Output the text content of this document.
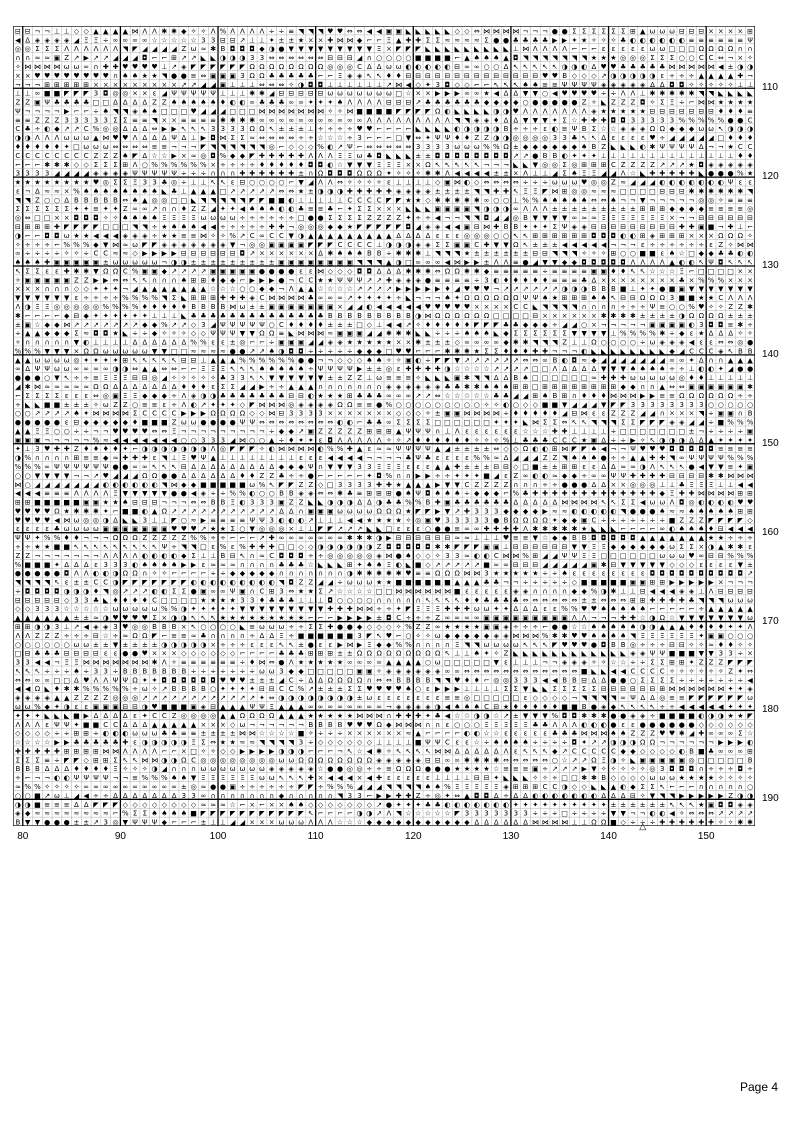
⊟ ⊟ ¬ ¬ ⊥ ⊥ ◇ ◇ ▲ ▲ ▲ ▲ ⋈ Λ Λ ✱ ✱ ◆ ✧ ✧ Λ % Λ Λ Λ Λ ÷ ÷ ≡ ◥ ◥ ◥ ♥ ♥ ⇔ ⇔ ◀ ◀ ▣ ▣ ◣ ◣ ◣ ◣ ◣ ◇ ◇ ⇔ ⋈ ⋈ ⋈ ⋈ ¬ ¬ ¬ ● ● Σ Σ Σ Σ Σ Σ ⊞ ▲ ω ω ω ⊟ ⊟ ⊟ × × × × ⊞
◀ Δ ◈ ◈ ◈ ◈ ◢ Ξ Ξ ÷ ∞ ∞ ∞ ∞ ☆ ☆ ☆ ☆ ☆ 3 3 ⊟ ⊟ ↗ ⊥ ⊥ ✦ ± ± ★ × × ✚ ⋈ ⋈ ◆ ⌐ ⌐ Ξ ▲ ✚ ✚ Σ Σ ≈ ≈ ≈ ≈ Σ ● ● ♣ ♣ ♣ ♣ ▶ ▶ ✦ ★ ✧ ✧ ✧ ♣ ◐ ◐ ◐ ◐ ◐ ◐ ≡ ≡ ≡ ≡ ≡ ≡ Ψ
◎ ◎ Σ Σ Σ Λ Λ Λ Λ Λ Λ ◥ ◤ ◢ ◢ ◢ ◢ Z ω ≈ ✱ B ◘ ◘ ◘ ◆ ◑ ● ▼ ▼ ▼ ▼ ▼ ▼ ▼ ▼ ▼ Ξ × ◤ ◤ ◤ ◣ ◣ ◣ ◣ ◣ ◣ ◣ ◣ ◣ ⊥ ⋈ Λ Λ Λ Λ ⌐ ⌐ ⌐ ε ε ε ε ε ω ω □ □ □ Ω Ω Ω Ω ∩ ∩
∩ ∩ ≈ ≈ ▣ Z ↗ ▶ ↗ ↗ ◢ ◢ ◢ ◘ ⌐ ⌐ ⊞ ↗ ↗ ◣ ◣ ◑ ◑ ◑ 3 3 ⇔ ⇔ ⇔ ⇔ ⇔ ⇔ ⊟ ⊟ ⊟ ◢ ∩ ○ ○ ○ ○ ■ ■ ■ ■ ⌐ ▲ ♠ ♠ ♠ ▲ ◘ ◥ ◥ ◥ ◥ ◥ ◥ ◥ ★ ★ ★ ◎ ◎ ◎ Σ Σ Σ ○ ○ C C ⇔ ¬ × ✧
✧ ⋈ ⋈ ⋈ ⋈ ω ω ∞ ∩ ✚ ✚ ♥ ♥ ♥ ♥ ⊥ ↗ ◈ ◤ ◤ ◤ ◤ ◤ ◤ Ω Ω Ω Ω Ω Ω Ω Ω ◎ ◎ ◎ C Δ Δ ω ω ◐ ◐ ◐ ◐ ◐ ⊟ ∞ ∞ ○ ○ Δ ↖ ↖ ↖ ↖ ↖ ◑ ◑ ◐ Δ ♥ ♥ ♣ ♣ ♣ ♣ ♣ ⋈ ⋈ ⋈ ⋈ ⋈ ◀ ± ◑ ◑
× × ♥ ♥ ♥ ♥ ♥ ♥ ♥ ♥ ∩ ♠ ♠ ★ ★ ◥ ● ● ≡ ⇔ ▣ ▣ ▣ 3 Ω Ω ♣ ♣ ♣ ♣ ♣ ⌐ ⌐ Ξ ◈ ◈ ↖ ↖ ♦ ♦ ⊟ ⊟ ⊟ ⊟ ⊟ ⊟ ⊟ ⊟ ⊟ ⊟ ⊟ ⊟ ⊟ ⊟ ♥ ♥ B ◇ ◇ ◇ ↗ ◑ ◑ ◑ ◑ ◑ ε ÷ ÷ ÷ ▲ ▲ ▲ ▲ ✚ ¬
¬ ¬ ¬ ⊞ ⊞ ⊞ ⊞ ⊞ × × × × × × × × × ↗ ↗ ◢ ◢ ▣ ⊥ ⊥ ⊥ ⇔ ⇔ ⇔ ✧ ◑ ◘ ◘ ⊥ ⊥ ⊥ ⊥ ⊥ ⊥ ↗ ⋈ ◀ ◇ ✦ 3 ◘ ◇ ◇ ⌐ ⌐ ↖ ↖ ↖ ♠ ♠ ≡ ≡ Ψ Ψ Ψ Ψ ◈ ◈ ◈ ◈ ◈ Δ Δ ◘ ◘ ✧ ✧ ✧ ✧ ✧ ⊥ ⊥
⊥ ⊥ ∞ ■ ■ ◤ ◤ ◤ 3 ◘ ◎ ◎ × × ε ◢ Ψ Ψ Ψ Ψ Ψ ⊥ ⊥ ⊥ ✱ ✱ ◢ ⊟ ⊟ ⊟ ⊟ ⊟ ω ω ω ω ω ω ω □ ☆ × × ▶ ▶ ▶ ∞ ∞ ★ ◀ Δ Δ ▼ ▼ ○ ◀ ♥ ♥ ♥ ♥ ÷ ÷ Λ Λ ⊥ ✱ ✱ ✱ ✱ ✱ ◥ ◥ ◣ ◣ ◣ ◣
Z Z ▣ Ψ ♣ ♣ ♣ ♣ □ □ Δ Δ Δ Δ Z Z ♠ ♠ ♠ ♠ ♠ ♦ ◐ ◐ ∞ ♣ ♣ ♣ ∞ ∞ ✦ ✦ ✦ ♠ Λ Λ Λ Λ ⊟ ⊟ ⊟ ↗ ♣ ♣ ♣ ♣ ♣ ♣ ◆ ◆ ◆ ◆ ○ ● ● ● ● ● Z ✧ ◣ Z Z Z ◘ ✧ Σ Ξ ÷ ⌐ ⋈ ⋈ ★ ★ ★ ★
Ψ ¬ ¬ ¬ ¬ ▶ ⌐ ⌐ ÷ ♠ ◥ ◥ ◈ ♠ ♠ □ □ □ ♥ ◢ ◢ ◢ □ □ □ ⋈ ⋈ ⋈ ⋈ ⋈ ⋈ ⋈ ✧ ✧ ⋈ ■ ■ ■ ■ ◤ ◤ ◤ ◤ Ω ◐ ◣ ◣ ◣ ◣ ◑ ◑ ♥ Λ Λ Λ Λ Λ Λ Λ ◈ ★ ★ ★ ★ ★ ⊟ ⊟ ⊟ ⊟ ⊟ ⊟ ⊟ ♦ ♦ ♦ ≡
≡ ≡ Z Z Z 3 3 3 3 3 Σ Σ ≡ ≡ ◥ × × ≡ ≡ ≡ ≡ ✱ ✱ ✱ ✱ ∞ ∞ ∞ ∞ ∞ ∞ ∞ ∞ ∞ ∞ ∞ Λ Λ Λ Λ Λ Λ Λ Λ Λ ◥ ◥ ◈ ◈ ♦ Δ Δ ▼ ▼ ▼ ✦ Σ ☆ ✚ ✚ ✚ ◘ ◘ 3 3 3 3 3 % % % % % ● ● C
C ♣ ÷ ◐ ◆ ↗ ↗ C % ◎ ◎ Δ Δ Δ ⇔ ▶ ▶ ↖ ↖ ↖ 3 3 3 3 Ω Ω ↖ ± ± ± ⊥ ÷ ÷ ÷ ÷ ♥ ♥ ⌐ ⌐ ⌐ ⌐ ◣ ◣ ◣ ◣ ◐ ◑ ◑ ◑ ◑ B ÷ ÷ ÷ ε ◐ ≡ Ψ B Σ ☆ ☆ ◈ ◈ ◈ Ω Ω ◆ ◆ ◆ ω ω ↖ ◑ ◑ ◑
◑ ◑ Λ Λ Λ ω ω ω ▲ ⋈ ♥ ♥ Λ Δ Δ Δ Ψ Δ ⊥ ▶ ◘ ⋈ Σ Σ ≈ ⇔ ⇔ ⇔ ⇔ ÷ ÷ ☆ ☆ ☆ ÷ 3 ⌐ ⌐ ⌐ □ ▼ ⇔ ✦ Ψ Ψ ♦ ♦ Z Z ◑ ◑ ◎ ◎ ◎ ◎ 3 3 ♣ ↖ ↖ Δ ε ε ε ε ♥ ÷ ◢ ◢ ◢ ◢ ◢ □ ♦ ♦ ♦
♦ ♦ ♦ ♦ ♦ ✦ □ ω ω ω ⇔ ⇔ ⇔ ⇔ ≡ ≡ ¬ ¬ ¬ ◤ ◥ ◥ ◥ ◥ ◥ ◥ ◎ ⌐ ◇ ◇ ◇ % ◐ ↗ Ψ ⌐ ⇔ ⇔ ⇔ ⇔ ⇔ 3 3 3 3 ω ω ω % % Ω ± ◆ ◆ ◆ ◆ ◆ ◆ ♠ B Z ◣ ◣ ◣ ◐ ✱ Ψ Ψ Ψ Ψ Δ ¬ ¬ ★ C C
C C C C C C C C Z Z Z ♠ ◤ Δ ☆ ☆ ▶ × ≈ ◎ ◘ % ◆ ◆ ◤ ✚ ✚ ✚ ✚ ✚ Λ Λ Λ Ξ Ξ ω ♣ ◘ ◣ ◣ ◣ ± ± ◘ ◘ ◘ ◘ ◘ ◘ ◘ ◘ ↗ ↗ ● B B ◐ ✦ ✦ ✦ ⊥ ⊥ ⊥ ⊥ ⊥ ⊥ ⊥ ⊥ ⊥ ⊥ ⊥ ⊥ ⊥ ⊥ ♦ ♦
⌐ ⌐ ⌐ ✱ ✱ ✱ ◇ ◇ Σ Σ Σ ⊞ Λ ○ % % % % % % × ÷ ÷ ÷ ÷ ♦ ♦ ♦ ♦ ♦ ◘ ◘ ◐ ☆ ▼ ▼ ▼ Ξ Ξ Ξ × × Ω ↖ ↖ ↖ ↖ ↖ ¬ ¬ ¬ ◣ ◣ ▼ ◎ ◎ Σ ◎ ⊞ ⊞ ⊞ C Z Z Z Z ↗ ↗ ↗ ★ ◘ ◈ ◈ ◈ ◈ ◈
3 3 3 3 ◢ ◢ ◢ ◢ ◈ ◈ ◈ ◈ Ψ Ψ Ψ Ψ Ψ ÷ ÷ ÷ ∩ ∩ ∩ ✚ ✚ ✚ ✚ ✚ ✚ ± ∩ Ω ◘ ◘ ◘ Ω Ω Ω ✦ ✧ ✧ ✧ ✱ ✱ Λ ◀ ◀ ◀ ◀ ± ± × Λ ⊥ ⊥ ◢ Σ ♠ Ξ Ξ ◢ ◢ Λ ☆ ◣ ✚ ✚ ✚ ✚ ✚ ◣ ● ● ● % ★
★ ★ ★ ★ ★ ★ ★ ★ ♥ ◎ Σ Σ Ξ 3 3 ♣ ◎ ÷ ⊥ ⊥ ↖ ↖ ε ⊟ ○ ○ ○ ○ ⌐ ▼ ◢ Λ Λ ⇔ ✧ ✧ ✧ ✧ ε ⊥ ⊥ ⊥ ⊥ ◇ ▣ ⋈ ◐ ◇ ⇔ ⇔ ⇔ ⇔ ÷ ÷ ÷ ω ω ω ♥ ◎ ◎ Z ≈ ◢ ◢ ◢ ◐ ◐ ◐ ◐ ◐ ◐ ◐ Ψ ε ε
ε ¬ Δ ≈ ≈ × % ♠ ♠ ♠ ♠ ♠ ♠ ♠ ♠ ◣ ♣ ⊥ ▲ ▲ ▲ □ ↗ ↗ ↗ ↗ ↗ ⇔ ⇔ ★ ± ◑ ◑ ◑ ✚ ✚ ✚ ✚ ✚ ◈ ◈ ◈ ◈ ± ± ± ± ◥ ◥ ✚ ✚ ↖ Ξ Ξ ◤ ⋈ ⊞ ◎ ◎ ≈ ≈ ≈ □ □ □ □ ⊟ ⊟ ⊟ ✱ ✱ ✱ ✱ ✱ ✱ ◥
◥ ◥ Z ○ ○ Δ B B B B B ⇔ ♠ ▲ ◎ ◎ □ □ ◣ ◥ ◥ ◥ ◥ ◥ ◤ ◤ ■ ■ ◐ ⊥ ⊥ ⊥ ⊥ ⊥ C C C C ◤ ◤ ★ ★ ◇ ✱ ✱ ✱ ✱ ✱ ∞ ○ ○ ⊥ % % ♠ ♠ ♠ ♠ ♠ ⇔ ⇔ ♠ ¬ ¬ ▼ ¬ ¬ ¬ ¬ ¬ ◎ ◎ ✧ ≡ ≡ ≡
Σ Σ Σ Σ Σ Σ ✦ ✦ ≡ ✦ ✦ Z ∞ ∞ ↗ ∩ ∩ ♦ Z Z ◢ ✦ ✦ ◀ ♠ ♠ ♠ ◐ ◐ ♣ ≡ ≡ ♣ ⌐ ✦ Σ Σ × × × ◣ ◣ ◣ ▣ ▣ ▣ ▣ ◥ ◑ ◑ ◑ ∞ Λ Λ Λ ± ± ± ± ± ± ± ± ± ⊞ ⊞ ⊞ ◆ ◆ ◆ ◆ ≡ ≡ ≡ ≡ ◎
◎ ⇔ □ □ × × ◘ ◘ ◘ ✧ ✧ ♠ ♠ ♠ ♠ Ξ Ξ Ξ Ξ ω ω ω ω ÷ ÷ ÷ ÷ ÷ ÷ □ ● ● Σ Σ Σ Σ Z Z Z Z ✦ ÷ ÷ ◀ ¬ ¬ ◥ ◥ ◘ ◢ ◢ ◎ B ▼ ▼ ▼ ▼ ∞ ≈ ≈ Ξ Ξ Ξ Ξ Ξ Ξ Ξ × ¬ ¬ ⊟ ⊟ ⊟ ⊟ ⊟ ⊟
⊟ ⊞ ⊞ ⊞ ✚ ◤ ◤ ◤ ◤ □ □ □ ◥ ◥ ÷ ★ ♠ ♠ ♠ ◀ ◀ ÷ ÷ ÷ ÷ ÷ ✚ ✚ ¬ ◎ ◎ ◎ ◆ ◆ ★ ◤ ◤ ◤ ◤ ◤ ◘ ◢ ◈ ◈ ◀ ◀ ▣ ⊟ ⋈ ✚ B B ✦ ✦ ✦ Σ Ψ ◈ ◈ ⊟ ⊟ ⊟ ⊟ ⊟ ⊟ ⊟ ⊟ ⊟ ✚ ✚ ▣ ■ ¬ ✚ ⊥ ⌐
◑ ⌐ ⌐ ◘ ◘ ω ★ ★ ◀ ◀ ◀ ◈ ◈ ◈ ÷ ★ ★ ≡ ≡ ⋈ ✧ ✧ % ↗ C ∞ C C ▼ ◑ ▲ ▲ ▲ ▲ ▲ ▲ ▲ ▲ ▲ Δ Δ Δ Δ ε ε ε ◎ ◎ ◎ ○ ○ ↖ ↖ ⊞ ⊞ ⊞ ⊞ ⊞ ⊞ ◘ ◘ ◘ ◐ ◐ ⊞ ◈ ⊞ ⊞ ⊞ × × × Ω Ω Ω ✧
✧ ÷ ÷ ÷ ⌐ % % % ◆ ▼ ⋈ ≈ ω ◤ ◤ ◈ ◈ ◈ ◈ ◈ ◈ ◈ ▼ ¬ ◎ ◎ ▣ ▣ ▣ ▣ ◤ ◤ ◤ C C C C ⊥ ◑ ◑ ◑ ◈ ◈ Σ Σ ▣ ▣ C ✚ ▼ ▼ Ω ↖ ± ± ± ◀ ◀ ◀ ◀ ◀ ¬ ¬ ¬ ε ÷ ÷ ÷ ÷ ÷ ÷ ε Z ✧ ⋈ ⋈
∞ ÷ ÷ ÷ ÷ ✧ ✧ ÷ C C ≈ ≈ ◇ ▶ ▶ ▶ ▶ ⊟ ⊟ ⊟ ⊟ ⊟ ⊟ ◘ ↗ × × × × × × Δ ✱ ♠ ♠ ♠ B B ÷ ✱ ✱ ✱ ⊥ ◥ ◥ ◥ ★ ± ± ± ± ± ± ⊟ ⊟ ◥ ◥ ◥ ✧ ✧ ✧ ⊞ ○ ○ ■ ■ ε ♠ ☆ □ ◆ ◆ ♣ ♣ ◐ ◐
♠ ♠ ♠ ✚ ▣ ▣ ▣ ▣ ▣ ± ω ω ω ω ω ¬ ◑ ◑ ± ± ± ± ± ± ± ± ± ▣ ▣ ▣ ▣ ▣ ▣ ▣ ▣ ◥ ◥ ◥ ▲ ◑ □ ∞ ∞ ∞ ◀ ⋈ ▶ ▶ ± Λ Λ ≡ ● ◢ ▼ ▼ ◆ ◆ ◘ ◘ ◘ ◘ ◘ Λ Λ Λ Λ ▲ ◐ ◐ ↖ Ψ ◘ ↖ ↖ ↖
↖ Σ Σ ε ε ✚ ✱ ✱ ▼ Ω Ω C % ▣ ▣ ◆ ↗ ↗ ↗ ↗ ▣ ▣ ▣ ▣ ▣ ● ● ● ● ε ε ⋈ ◇ ◇ ◇ ◘ ◘ Δ Δ Δ ✱ ✱ ✱ ⇔ Ω Ω ✱ ✱ ◆ ≡ ≡ ≡ ≡ ≡ ÷ ≡ ≡ ≡ ≡ ▣ ▣ ♦ ♦ ↖ ↖ ☆ ☆ ☆ Ξ ⌐ □ □ □ □ × ×
✧ ▣ ▣ ▣ ▣ ▣ Z Z ▶ ▶ ⇔ ⇔ ↖ ↖ ∩ ∩ ∩ ♠ ⊞ ⊞ ♦ ◆ ◆ ⌐ ▶ ▶ ▶ ● ¬ C C ★ ★ Ψ Ψ Ψ ↗ ↗ ✚ ◈ ◈ ◈ ● ≡ ≡ ≡ ≡ ÷ 3 ◐ ♦ ♦ ♦ ♦ ♦ ≡ ≡ ≡ ♣ Δ × × × × × × × × ♣ × % % % × × ×
× × × ∩ ∩ ∩ ◇ ◇ ✦ ✦ ✦ ¬ ◢ ▲ ▲ ▲ ▲ ▲ ▲ ▲ ☆ ☆ ☆ ○ ○ ◆ ◆ ¬ Λ ▲ ▲ ☆ ☆ ☆ ☆ ↗ ↗ ↗ ↗ ▶ ▶ ▶ ▶ ▶ ♦ ◢ ♥ ♥ ♥ ¬ ↗ ↗ ↗ ↗ ↗ ↗ ◑ ◑ ◑ B B B ■ ⊥ ✦ ✦ ● ■ ▣ ▼ ▼ ▼ ▼ ▼ ▼ ▼
▼ ▼ ▼ ▼ ▼ ▼ ε ÷ ÷ ÷ ÷ % % % % ◥ Σ ◣ ⊞ ⊞ ⊞ ✚ ✚ ✚ ◈ C ⋈ ⋈ ⋈ ⋈ ♣ ∞ ∞ ∞ ↗ ✦ ✦ ✦ ✦ ÷ ◣ ¬ ¬ ¬ ♠ ✦ Ω Ω Ω Ω Ω Ω Ψ Ψ ♠ ★ ⊞ ⊞ ⊞ ♠ ♠ ↖ ⊟ ⊟ Ω Ω Ω 3 ■ ■ ★ ★ C Λ Λ Λ
Λ ◑ Ξ Ξ ◎ ◎ ◎ ◎ ◎ % % % % ♦ ♦ ♦ ♦ ♦ B B B B ⋈ ω ± ± ▣ ▣ ▣ ▣ ▣ ▣ ▣ × ◢ ◢ ◐ ◀ ◀ ◀ ◀ ◀ ♥ ♥ ♥ ♥ ♥ × × × × C C ◣ ◥ ◥ ◥ ◥ ∩ ∩ ∩ ∩ ÷ ÷ ÷ Ψ ≡ ○ ○ % ♥ ✧ ✧ Z Z ✱
✱ ⌐ ⌐ ⌐ ⌐ ◆ ⊟ ◆ ✦ ✦ ✦ ✦ ✦ ✦ ⊥ ⊥ ⊥ ◣ ♣ ♣ ♣ ♣ ♣ ♣ ♣ ♣ ♣ ♣ ♣ ♣ ♣ ♣ B B B B B B B B B ◑ ⋈ Ω Ω Ω Ω Ω Ω □ □ □ □ ⊟ × × × × × × ✱ ✱ ✱ ✱ ± ± ± ± ◑ Ω Ω Ω Ω ± ± ±
± ▣ ☆ ◆ ◆ ⋈ ↗ ↗ ↗ ↗ ↗ ↗ ↗ ◆ ◆ % ↗ ↗ ◇ 3 ◢ Ψ Ψ Ψ Ψ Ψ ○ C ♦ ♦ ♦ ♦ ± ± ± □ ◇ ⊥ ◀ ◀ ↗ ✧ ♦ ♦ ♦ ♦ ♦ ◤ ◤ ◤ ♣ ♣ ◆ ◆ ◆ ÷ ◢ ◢ ○ × ¬ ¬ ¬ ¬ ¬ ▣ ▣ ▣ ▣ ◐ 3 ◘ ◘ ≡ ✱ ÷
÷ ▲ ▲ ◆ ◆ ◆ Σ ≈ ◘ ◘ ★ ◣ ÷ ÷ ◆ ✧ ✧ ✧ ◇ ◇ Ψ Ψ Ψ ▼ ▼ Ω Ω ≡ ◣ ⋈ ⋈ ⋈ ≈ ▣ ▣ ▣ ◢ ◢ ✱ ✱ ✱ ◣ ◣ ÷ ÷ ÷ ♠ ♠ ♠ ◣ ◆ Σ Σ Σ Σ Σ Σ ▼ ▼ ▼ ▼ ⊥ % % % % ✱ ÷ ◆ ε ★ Δ Δ Δ ✧ ✧
✧ ∩ ∩ ∩ ∩ ∩ ▼ ◐ ⊥ ⊥ ⊥ ⊥ Δ Δ Δ Δ Δ Δ % % ε ε ± ◎ ⌐ ⌐ ÷ ▣ ▣ ▣ ◢ ◢ ◈ ◈ ★ ★ ★ ★ ★ × × ✱ ± ± ± ◇ ∞ ∞ ∞ ∞ ◆ ✱ ✱ ◥ ◥ ◥ Z ⊥ ⊥ Ω ○ ○ ○ ○ ÷ ω ◈ ◈ ◈ ◀ ε ε ⇔ ⇔ ◎ ●
% % % ▼ ▼ ▼ × Ω Ω ω ω ω ω ω ▼ ▼ □ □ ≈ ≈ ≈ ≈ ● ● ↗ ↗ ♠ ◑ ◘ ◘ ÷ ÷ ÷ ÷ ÷ ◆ ◆ ◆ □ ♥ ♥ ⌐ ⌐ ⌐ ✱ ✱ ✱ ★ Σ Σ ♦ ♦ ♦ ✚ ✚ ¬ ¬ ¬ ◐ ◣ ◣ ◣ ◣ ◣ ◣ ◣ ◣ ◆ ◢ C C C ◈ ↖ B B
▲ ▲ ω ω ω ω ◎ ✦ ✦ ✦ ✦ ⊞ ↖ ↖ ↖ ↖ ↖ ⊟ ⊟ ⊥ ▲ ▲ ▲ % % % % % % ● ● ¬ ¬ ◇ ◇ ◇ ♠ ♠ ✧ ✧ ▣ ◐ ÷ ◤ ◤ ▼ ↗ ↗ ↗ ↗ ↗ ↗ ⇔ ⇔ ∞ B ◐ ◘ ≈ ◆ ◢ ◢ ◢ ◢ ◢ ◢ ◢ ∞ ∞ ✦ Δ ∩ ∩ ▲ ▲ ▲
∞ Δ Ψ Ψ ω ω ∞ ∞ ∞ ∞ ◑ ◑ ⇔ ▲ ▲ ⇔ ⇔ ⌐ ⌐ Ξ Ξ Ξ ↖ ↖ ↖ ♠ ♠ ♠ ♠ ♠ ÷ Ψ Ψ Ψ Ψ ▶ ± ± ◎ ε ✚ ✚ ✚ ✚ ◑ ☆ ☆ ☆ ☆ ↗ ↗ ↗ ↗ □ □ Λ Δ Δ Δ Δ ▼ ▼ ▼ ♠ ♠ ♠ ♠ ÷ ÷ ⊥ ◐ ◐ ✦ ◢ ● ●
● ● ● ○ ▼ ↖ ÷ ÷ ≡ Ξ Ξ Ξ ⊟ ⊟ ◎ ◢ ✧ ✧ ✧ ✧ ✧ ♣ 3 3 ↖ ↖ ▼ ▼ ▼ ▼ ▼ ▼ ± ± Z Z ⊥ ω ≡ ≡ ≡ ✧ ◣ ◣ ◣ ▣ ✱ ◥ ◥ Δ Δ B ♠ □ □ □ □ □ □ ≈ ✚ ✚ ✚ ω ω ω ω ω ◎ ♦ ♦ ⊥ ⊥ ⊥ ⊥ ⊥
◢ ✱ ⋈ ≈ ≈ ≈ ≈ ≈ Ω Ω Δ Δ Δ Δ Δ Δ Δ ♦ ♦ ♦ ε Σ Σ ◢ ◢ ▶ ÷ ÷ ▲ ▲ ▲ ∩ ∩ ∩ ∩ ∩ ∩ ∩ ◈ ◈ ◈ ◈ ◈ ◈ ♣ ♣ ✱ ✱ ♠ ♠ ♠ ⊞ ⊞ □ ⊞ ⊞ ⊞ ⊞ ⊞ ⊞ ⊞ ⊞ ◆ ◆ ∩ ∩ ▲ ⇔ ⇔ ▣ ▣ ▣ ▣ ▣ ▣ ✱
⌐ Σ Σ Σ Σ ε ε ε ⇔ ◎ ▣ Ξ Ξ ◆ ◆ ◆ ÷ Λ ◈ ◑ ◑ ♣ ♣ ♣ ♣ ♣ ♣ ♣ ⊟ ⊟ ◐ ★ ★ ★ ⊞ ♣ ♣ ♣ ∞ ∞ ∞ ↗ ↗ ⇔ ☆ ☆ ☆ ☆ ☆ ♣ ♣ ◢ ◢ ⊞ ♠ B ⊞ ∩ ♦ ♦ ♦ ⋈ ⋈ ⋈ ▶ ▶ ≡ ≡ Ω Ω Ω Ω Ω Ω ÷ ÷
÷ ◣ ◣ ■ ■ ± ± ± ✧ ω Z Z ○ ≡ ≡ ε ÷ Λ ◐ ↗ ✦ ✦ ✦ ◇ ◤ ⋈ ⋈ ⋈ ◎ ◈ ◈ ◈ ◈ Ω Ω ≡ ≡ ● % ○ ○ ○ ○ ○ ○ ○ ○ ○ ✧ ✧ ◐ ○ ◇ ◇ ■ ■ ▼ ◢ ◢ ◢ ▼ ◤ ◤ 3 3 3 3 3 3 3 3 ○ ○ ○ ○ ○
○ ○ ↗ ↗ ↗ ↗ ♠ ✦ ⋈ ⋈ ⋈ ⋈ Σ C C C C ▶ ▶ ▶ Ω Ω Ω Ω ◇ ◇ ⋈ ⊟ 3 3 3 3 × × × × × × × ◇ ◇ ◇ ✧ ± ▣ ▣ ⋈ ⋈ ⋈ ⋈ ÷ ♦ ♦ ♦ ♦ ♦ ◢ ⊟ ⋈ ε ε Z Z Z ◢ ◢ ∩ × × × ◥ ÷ ▣ ▣ ∩ B
● ● ● ● ● ε ⊟ ◆ ◆ ◆ ◆ ◆ ♦ ■ ■ ■ Z ω ω ● ● ● ● Ψ Ψ ⇔ ⇔ ⇔ ⇔ ⇔ ⇔ ⇔ ⇔ ◐ ◐ ⌐ ♣ ♣ ∞ Σ Σ Σ Σ □ □ □ □ □ □ ✦ ✦ ✦ ◣ ⋈ Σ Σ ⇔ ↖ ↖ ◥ ◥ ◥ Σ Σ ◤ ◤ ◤ ◈ ◈ ◢ ◢ ÷ ■ % % %
▲ ▲ Ξ Ξ ○ ○ ÷ ÷ ¬ ¬ ♥ ♥ ♥ ♥ ⇔ ⇔ Ξ ¬ ¬ ¬ ¬ ¬ ¬ ¬ ¬ ¬ ÷ ◆ ◆ ↗ ▣ Z Z Z Z Z ⊞ ⊞ ⊞ ▲ Ψ Ψ Ψ ∩ ⊥ Λ ε ε ε ε ε ε ☆ ☆ ☆ ✚ ✚ ⊥ ⊥ ⊥ ⊥ ÷ □ □ □ □ □ □ □ ± ¬ ÷ ÷ ÷ ÷ ▣
▣ ▣ ▣ ¬ ¬ ¬ ¬ ¬ % ≈ ◀ ◀ ◀ ◀ ◀ ◀ ◀ ○ ○ 3 3 3 ◢ ⋈ ○ ○ ▲ ÷ ♦ ✦ ✦ ε ◘ Λ Λ Λ Λ Λ ✧ ✧ ↗ ♦ ♦ ♦ ♦ ♦ ♦ ✧ ✧ ✧ % ⊥ ♣ ♣ ♣ C C C ★ ▣ Δ ÷ ÷ ▶ ✧ ↖ ◑ ◑ ◑ Δ Δ ▲ ✦ ✦ ✦ ✦
✦ ⊥ 3 ♥ ✚ ✚ Z ♦ ♦ ♦ ♦ ✦ ⌐ ◑ ◑ ◑ ◑ ◑ ◑ ◑ Λ ◎ ◤ ◤ ◤ ✧ ◐ ⋈ ⋈ ⋈ ⋈ ◐ % % ✚ ▲ ε ≈ ≈ Ψ Ψ Ψ Ψ ▲ ◢ ± ± ± ± ⇔ ◇ ◇ Ω ◐ ◐ ⊞ ⋈ ◤ ◤ ♠ ◀ ¬ ¬ Ψ ♥ ♥ ♥ ◘ ◘ ◘ ◘ ◘ ≡ ≡ ≡ ≡
◑ % ∩ ∩ ∩ ∩ ⊞ ≡ ≡ ◆ ≈ ✚ ✚ ✚ ε ◥ ⊥ Ξ ♥ Ψ ▲ ⊥ ⊥ ⊥ ⊥ ⊥ ⊥ ⊥ ⊥ ε ε ε ◀ ◀ ◀ ◀ ¬ ¬ ¬ ¬ ♣ Ψ ♣ ε ε ε ε % % ≈ Δ ◢ ◢ ◢ Z Z ◥ ♠ ♠ ♠ ● ÷ ÷ ▲ ▲ ✚ ✚ ◥ ∞ Ψ Ψ Ψ Ψ % % %
% % % ∞ Ψ Ψ Ψ Ψ Ψ Ψ ● ● ∞ ∞ ↖ ↖ ↖ ⊟ Δ Δ Δ Δ Δ Δ Δ Δ Δ ◆ ◆ ◆ Ψ ∩ ▼ ▼ ▼ 3 3 Ξ Ξ Ξ ε ε ε ▲ ▲ ✚ ± ± ± ⊟ ⊟ ◇ □ ■ ± ± ⊞ ⊞ ε ε Δ Δ ≈ ≈ ◑ Λ ↖ ↖ ↖ ● ◀ ▼ ▼ ≡ ✦ ▣
○ ○ ▼ ▼ ▼ ▼ ¬ ¬ ↗ ♥ ◢ ◢ ◢ Ω Ω ● ● Δ Δ Δ Δ Δ Δ ♦ ♦ Z Z ♣ ÷ ÷ ● ⌐ ⌐ ⌐ ⌐ ⌐ ✦ ◘ % ∩ ∩ ▶ ▶ ÷ ÷ ✦ ✦ ✦ ■ ◢ ε Z ∞ ◐ ◐ ≈ ◆ ◆ ÷ ∞ ∞ Ψ Ψ ✚ ✚ ✚ ✚ ⊟ ⊟ ⊟ ⊟ ✱ ✱ ⋈ ⋈ ⋈
⋈ ○ ◢ ◢ ◢ ◢ ◢ ◢ ◢ ◐ ◐ ◐ ◐ ◐ ◐ ◥ ⋈ ◆ ◆ ■ ■ ■ ■ ■ ω % ↖ ◤ ◤ Z Z ◇ □ 3 3 3 3 ✚ ✚ ★ ▲ ▲ ▲ ▶ ▼ ▼ C Z Z Z Z ∩ ∩ ∩ ÷ ÷ ● ● ● Δ Δ × × ◎ ◎ ◎ ⊥ ⊥ ♣ Ξ Ξ Ξ ⊥ ⊥ ◀ ◀
◀ ◀ ◀ ≡ ≡ ≡ Λ Λ Λ Λ Ξ ▼ ▼ ▼ ▼ ▼ ● ● ◀ ◈ ÷ ÷ % % ◐ ○ ○ B B ◈ ◈ ⇔ ⇔ ✱ ♣ ≡ ⊞ ⊞ ⊞ ● ♠ Ψ ◘ ♠ ♠ ♠ ÷ ◆ ◆ ◆ ⌐ % ♣ ✚ ✚ ✚ ✚ ✚ ✚ ✚ ✚ ✚ ✚ ✚ ✚ ✚ ◆ Ξ ✚ ✚ ⋈ ⋈ ⋈ ⋈ ⊞ ⊞
⊞ ⊞ ■ ■ ■ ■ ■ ▣ ▣ ★ ★ ♠ ⊟ ⊟ ⊟ ¬ ¬ ¬ ⇔ ⇔ B B Ξ ◐ 3 3 3 ▣ Z Z ◣ ◣ ◑ ◑ ◑ Δ Δ ◑ ♣ ♣ % % B ✚ ▣ ♣ ♣ ♣ ♣ ♣ ♣ Δ Δ Δ Δ Δ ⋈ ⋈ ⋈ ⋈ ↖ ↖ Σ Σ ◀ ω ω Λ ◘ ◎ ◐ ◐ ◐ ◐ ♥ ♥
♥ ♥ ♥ ♥ Ω ★ ✱ ✱ ✱ ✦ ⌐ ■ ■ ◐ ▲ Ω ↗ ↗ ↗ ↗ ↗ ↗ ↗ ↗ ↗ ↗ ↗ Δ Δ ∩ ▣ ▣ ▣ ω ω ω ω Ω Ω Ω ★ ◤ ◤ ▶ ▼ ↗ ✚ 3 3 3 ◆ ◆ ◆ ◆ ▶ ≈ ≈ ◐ ◐ ◐ ◐ ◐ ◥ ● ● ● ♠ ≈ ≈ ♠ ♠ ♠ ♠ ♠ ⊞ ⊞
♥ ♥ ♥ ♥ ◀ ⋈ ω ◎ ◎ ◑ Δ ◣ ◣ 3 ⊥ ⊥ ◤ ○ ≈ ▶ ≡ ≡ ≡ ≡ Ψ Ψ 3 ◐ ◐ ◐ ↗ ⊥ ⊥ ⊥ ◀ ◀ ★ ★ ★ ★ ✧ ◎ ▣ ♥ 3 3 3 3 3 ● B Ω Ω Ω Ω ✦ ◆ ◆ ▣ C ÷ ÷ ÷ ÷ ÷ ÷ ÷ ■ Z Z Z ◤ ◤ ◤ ◤ ◇
ε ε ε ε ♣ ω ω ω ω ▣ ▣ ▣ ▣ ▣ ▣ ▣ ♥ ♥ ♥ ↗ ★ ★ Σ ○ ▼ ◎ ◎ ◎ × ⊥ ⊥ ◤ ◤ ↗ ↗ ↗ ◣ ◣ □ ε ε ε ○ ● ● ≡ ∞ ∞ ✚ ✚ ✚ ✚ Λ ✱ ✱ ✱ ✱ ✱ ★ ◣ ◣ ◣ ⌐ ⌐ ⌐ ⌐ ∞ ◐ ♠ ♠ ♠ ♦ ⊟ ◀ ◀ ◀
Ψ Ψ ✦ % % ♦ ♦ ¬ ¬ ¬ Ω Ω Ω Z Z Z Z Z % % ÷ ÷ ⌐ ⌐ ⌐ ↗ ✚ ∞ ∞ ∞ ∞ ∞ ∞ ∞ ✱ ✱ ✱ ◑ ▶ ⊟ ⊟ ⊟ ⊟ ⊟ ⊟ ≈ ≈ ⊥ ⊥ ⊥ ♥ ≡ ≡ ▼ ☆ ◆ ◆ B B ◘ ◘ ◘ ◘ ◘ ▲ ▲ ▲ ▲ ▲ ▲ ▲ ★ ★ ÷ ÷ ÷
÷ ÷ ★ ★ ■ ■ ↖ ↖ ↖ ↖ ↖ ↖ ↖ ↖ ↖ Ψ ÷ ◥ ◥ □ ε % ε % ✚ ✚ ✚ □ □ ◇ ◇ ◑ ◑ ◑ ◑ ◑ ◑ Z ◘ ◘ ◘ ◘ ◘ ✱ ✱ ◤ ◤ ◤ ▣ ▣ ⊥ ⊟ ⊟ ⊟ ⊟ ⊟ ⊟ ▼ ▼ Ξ Ξ ◆ ◆ ◆ ◆ ◆ ◆ ω Σ Σ × ◑ ▲ ✱ ✱ ε
Z Z ¬ ¬ ¬ ¬ ¬ ¬ ¬ Λ Λ Λ Λ ◐ ◐ ◐ ◐ ◆ Σ ⊥ ⊥ B ⊟ ↖ ∩ ≈ C ◘ ◘ ◘ ÷ ÷ ◎ ◎ ◎ ◎ ◎ ◈ ⋈ ● ♠ ◇ ◇ ✧ 3 3 ≈ ◐ ◐ C ⋈ ⋈ % ⊞ ◢ ◢ Ψ Ψ Ξ Ξ □ □ □ □ □ □ ω ω ω ♥ ∞ ⊟ ⊟ % % %
% ■ ■ ■ ✦ Δ Δ Δ ε 3 3 3 ◐ ♠ ♠ ♠ ♠ ▶ ▶ ε ≈ ≈ ≈ ∩ ∩ ∩ ∩ ♣ ♣ ♣ ☆ ◣ ◣ ◣ ⊞ ✦ ♠ ♠ Ξ ◐ ◣ ■ ◇ ↗ ↗ ↗ ↗ ↗ ■ ∞ ∞ ⊟ ⊟ ⊟ ◢ ◢ ◢ ◢ ◢ ▣ ✱ ⊟ ▼ ▼ ▼ ▼ ▼ ◇ ◇ ◇ ε ε ε ε ▼ ±
● ● ● ● ● ◘ Λ Λ ◐ ◐ ◑ Ω Ω ∩ ✧ ✧ ⌐ ⌐ ⌐ ⌐ ÷ ÷ ◆ ◆ ◆ ◆ ◆ ∩ ∩ ∩ ∩ ∩ ∩ ∩ ◑ ✱ ✱ ✱ ✱ ✱ ♥ ≡ ≡ Ω Ω Ω ⋈ ⋈ 3 ★ ★ ★ ★ ★ ÷ ÷ ♠ ε ε ε ε ε ε ε ε ◘ ◘ ◘ ◘ ◘ ◘ ◘ ◘ ◘ ◘ ↗
◥ ◥ ◥ ◥ ↖ ε ± ± C C ◑ ◤ ◤ ◤ ◤ ◤ ◤ ◤ ◐ ◐ ◐ ◐ ◐ ◐ ◐ ◐ ◐ ◥ ◘ Z Z ◢ ◢ ÷ ω ω ω ★ ★ ■ ■ ■ ■ ■ ■ ▲ ▲ ▲ ♣ ♣ ¬ ¬ ÷ ÷ ÷ ÷ ÷ ◇ ■ ■ ■ ■ ■ ▣ ▣ ⊞ ⊞ ▶ ▶ ▶ ▶ ▶ × ¬ ¬ ¬
÷ ◘ ◘ ◘ ◘ ◑ ◑ ◑ ♦ ◥ ◎ ↗ ↗ ↗ ◐ ◐ Σ Σ ● ▣ ∞ ∞ Ψ ▣ ∩ C ⊞ 3 ⇔ ★ ★ Σ ↗ ☆ ☆ ☆ ☆ □ □ ⋈ ⋈ ⋈ ⋈ ⋈ ⋈ ■ ε ε ε ε ε ◈ ◈ ∩ ∩ ∩ ∩ ◆ ◆ % ◑ ✱ ⊥ ⊥ ⊟ ◀ ◀ ◀ ◈ ◈ ⊥ Λ ⊟ ⊟ ⊟ ⊟
⊟ ⊟ ⊟ ⊟ ⊟ ◇ 3 3 ♣ ◣ ♦ ♦ ♦ ♦ C □ □ □ □ ★ ★ ★ ★ 3 3 ♦ ♣ ♣ ♣ ⊥ ⊥ ⊥ ◘ ○ ○ ○ ○ ∩ ∩ ∩ ∩ ∩ ↖ ↖ ↖ ↖ ♦ ♦ ♣ ♣ ♣ ♣ ⇔ ⇔ ⇔ ⇔ ⇔ ⇔ ± ± ⇔ ⇔ ⇔ ⊞ ⊞ ✚ ✚ ✚ ✚ ♣ ◥ ◥ ◥ ω ω ω
◇ ◇ 3 3 3 ☆ ☆ ☆ ☆ ☆ ω ω ω ω ω % % ◑ ✦ ✦ ✦ ✦ ✦ ▼ ▼ ▼ ▼ ▼ ▼ ▼ ▼ ▼ ✚ ✚ ✚ ⋈ ⋈ ÷ ÷ ✦ ◤ Ξ Ξ Ξ ✚ ✚ ✚ ω ω ✦ ✦ Δ Δ Δ ε ε % % ♥ ♥ ♠ ♠ ♠ ♠ ♠ ⌐ ⌐ ⌐ ⌐ ⌐ ÷ ▲ ▲ ▲ ▲ ▲
▲ ▲ ▲ ▲ ▲ ▲ ± ± ≈ ◑ ♥ ♥ ♥ ♥ Σ × ◑ ◑ ↖ ↖ ↖ ★ ★ ★ ★ ★ ★ ★ ★ ★ ⌐ ⌐ ⌐ ▶ ▶ ▶ ▶ ± ◘ C ÷ ÷ ÷ Z ∞ ∞ ∞ ∞ ▣ ▣ ▣ ▣ ▣ ▣ ▣ ▣ ▣ Λ Λ ¬ ¬ ¬ ✚ ✚ ☆ ◑ Ω ☆ ▼ ▼ ▼ ▼ ▼ ▼ ▼ ω
⊞ ⊞ ◑ ◑ 3 ⊥ ↗ ◀ ◈ ◈ 3 ♥ ◎ ◎ B B B × ↖ ○ ○ ○ ○ ◣ ≡ ω ω ω ÷ ÷ Σ Σ ✚ ● ● ◆ ◇ ◇ ◇ ✧ % Z Z ∞ ★ ★ ★ ★ ▣ ▣ ◈ ÷ ÷ ÷ ⌐ ● ● ☆ ☆ ♠ ♠ ♠ ♠ ♠ ◑ ◑ ▲ ▲ ▲ ♦ ♦ ♦ ♦ ✦ ✦ Λ
Λ Λ Z Z Z ÷ ÷ ÷ ⊟ ☆ ÷ ≈ Ω Ω ◤ ⌐ ≡ ≡ ≈ ♣ ∩ ∩ ∩ ∩ ÷ Δ Δ Ξ ÷ ■ ■ ■ ■ ■ ■ 3 ◤ ↖ ♥ ⌐ ○ ✧ ✧ ω ◆ ◆ ◆ ◆ ◆ ◈ ◈ ⋈ ⋈ ⋈ % ✱ ✱ ♥ ♥ ♠ ♠ ♠ ♠ ◥ Ξ Ξ Ξ Ξ Ξ Ξ ✦ ▣ ▣ ○ ○ ○
○ ○ ○ ○ ○ ○ ω ω ± ± ▼ ± ± ± ± ◑ ◑ ◑ ◑ ◑ × ÷ ÷ ÷ ε ε ε ↖ ↖ ± ● ε ε ▶ ⋈ ▶ Ξ ◆ ◆ % % ∩ ∩ ∩ ∩ Ξ ◥ ◥ ω ω ω ω ↖ ↖ ↖ ◤ ♥ ♥ ♥ ● ◘ B B ◎ ÷ ÷ ÷ ⊟ ⊟ ✧ ✧ ≈ ♦ ♦ ✧ ✧
□ ⊟ ♣ ♣ ♣ ⊟ ⊟ ⊟ ⊟ ε ε ● ● ♥ × × × ◇ ◇ ◇ ◇ ◇ ◇ ⌐ ⌐ ⌐ ⌐ ♣ ♣ ♣ ⊞ ⊞ ⊞ ± ± Ω Ω Ω Ω Ω Ω Ω Ω Ω ↖ ⊥ ⊥ ♠ ✦ ✧ Z ◣ ◣ ◣ ◣ ◣ ◣ ◣ ◣ ◣ ◣ ◣ ◣ ◈ ◈ Ψ Ψ ■ ■ ■ ▼ ▼ 3 3 ÷ ×
3 3 ◀ ◀ ¬ Ξ Ξ ⋈ ⋈ ⋈ ⋈ ⋈ ⋈ ⋈ ✱ Λ ✧ ≡ ≡ ≡ ≡ ≡ ≡ ÷ ♦ ⋈ ⇔ ● Λ ★ ★ ★ ★ ★ ∞ ∞ ∞ ∞ ▲ ▲ ▲ ▲ ○ ω □ □ □ □ □ ▼ ε ⊥ ⊥ ⊥ ¬ ¬ ◈ ◈ ◈ ✧ ✧ ☆ ☆ ÷ ÷ Σ Σ ⊞ ⊞ ✦ Z Z Z ◤ ◤ ◤
↖ ↖ ↖ ÷ ÷ ÷ ♠ ÷ 3 3 ÷ B B B B B B B ÷ ÷ ÷ ÷ ÷ ÷ ÷ ω ω 3 ◆ ◆ □ □ □ □ □ ▣ ▣ ✧ ◈ ◈ ◈ ◈ ◈ ◈ ∞ ∞ ⇔ ⇔ ⇔ ⇔ ⇔ ⇔ ⇔ ⇔ ⇔ ⇔ ⇔ ⇔ ■ ◣ ◣ ◀ ◀ C C C C ✧ ✧ ✧ ✧ ✧ ✧ Z ✦ ⇔
⇔ ⇔ ∞ ∞ □ □ Δ ♥ Λ Λ Ψ Ψ Ω ✦ ✦ ◘ ◘ ◘ ◘ ◘ ◘ ♥ ♥ ♥ ± ± ± ◢ C ÷ Δ Δ Ω Ω Ω Ω ∩ ⇔ ⇔ B B B B ◥ ◥ ♥ ♦ ♦ ⌐ ◎ ◎ 3 3 3 ◀ ◀ B B ⊟ Δ Δ ● ● ○ Σ Σ Σ Σ ÷ ÷ ÷ ÷ ÷ ÷ ÷ ◀
◀ ◀ Ω ◣ ♦ ✱ ✱ % % % % % ÷ ω ✧ ↗ B B B B ○ ✦ ✦ ✦ ✦ ⊟ ⊟ C C % ↗ ± ± ± Σ Σ ♥ ♥ ♥ ♥ ♠ ○ ε ▶ ▶ ▶ ⊥ ⊥ ⊥ ⊥ Σ Σ ▼ ◣ ◣ Σ Σ Σ Σ Σ ⊟ ⊟ ⊟ ⊟ ⊟ ⊟ ⊞ ⋈ ⋈ ⋈ ⋈ ⋈ ⋈ ✦ ✦ ◈
◈ ◈ ◈ ◈ ▲ ▲ Z Z Z Z ◎ ◎ ◎ ↗ ↗ ↗ ↗ ↗ ↗ ↗ ↗ ↗ ↗ ↗ ↗ ✦ ⇔ ◑ ◑ ◑ ◑ ◑ ◑ ◑ ◑ ± ω ε ε ε ε ε ε ε ≡ ≡ ◎ □ □ □ □ □ ε ◇ ◇ ◇ ◇ ¬ ◥ ◥ ◥ ◥ ∞ Ψ Δ Δ ◎ ≡ ≡ ◤ ◤ ◤ ◤ ◤ ◤ ω
ω ω % ◆ ✦ ◑ ε ε ▣ ▣ ▣ ⊟ ⊟ ◑ ♥ ■ ■ ■ ▣ ◈ ⊟ ▲ ▲ ▲ Ψ Ψ Ξ ▲ ▲ ▲ ∞ ∞ ∞ ∞ ∞ ∞ ∞ ∞ ¬ ◈ ◈ ◈ ◈ ◑ ◀ ♠ ♠ ♠ C ⊟ ★ ♦ ♦ ♦ ♦ ♦ ■ ■ B ● ◈ ◆ ↖ ↖ ↖ ↖ ÷ ÷ ◀ ◀ ◀ ◀ ◀ ✦ ✦ ✦
✦ ✦ ✦ ◣ ◣ ◣ ■ ▶ Δ Δ Δ Δ ε ✦ C C Z ◎ ◎ ◎ ◎ ▲ ▲ Ω Ω Ω Ω ▲ ▲ ▲ ★ ★ ★ ★ ★ ⋈ ⋈ ⋈ ∩ ✚ ✚ ✚ ✦ ♣ ◀ ☆ ☆ ◑ ◑ ☆ ↗ ± ▼ ▼ ▼ % ◘ ◘ ✱ ✱ ✱ ● ● ◈ ◈ ÷ ■ ■ ■ ■ ◐ ◑ ◑ ★ ★ ◤
Λ Λ Λ ε Ψ Ψ ✦ ■ ■ C C Δ Δ Δ ▲ ▲ ▲ ▲ ▲ × × × ◇ ω ¬ ¬ ¬ ¬ ¬ ¬ B B B B ♥ ♥ ♥ Ω ◆ ⋈ ⋈ ⋈ ∩ ∩ ε ○ ○ ○ Ξ Ξ Ξ Ξ Ξ ♣ ♣ Λ Λ Λ ◐ ◐ ◐ ● ε ε ● ● ● ● ● ● ◇ ◇ ◇ ◇ ◇ ◇
◇ ◇ ◇ ◇ ÷ ÷ ⊞ ⊞ ÷ ◐ ◐ ◐ ω ω ω ♣ ♣ ≡ ≡ ± ± ± ± ⋈ ⋈ ☆ ☆ ☆ ☆ ■ ✧ ÷ ÷ ÷ × × × × × × ≈ ▲ ⌐ ⌐ ⌐ ⌐ ◐ ◐ ☆ ☆ ε ε ε ε ε ♣ ♣ ♣ ⋈ ⋈ ⋈ ♠ ♠ Z Z Z ♥ ♥ ✱ ◢ ✚ ∞ ∞ ∞ Σ ☆
☆ ☆ ☆ ☆ ▶ ▶ ♣ ♣ ♣ ♣ ♣ ✚ ε ◑ ◑ ◑ ◑ ◑ Ξ Σ ⇔ ★ ★ ≈ ≈ ◥ ◥ ◥ ◥ 3 ÷ ◇ ◇ ◇ ◇ ◇ ◇ ⊥ ⊥ ⊥ ⊥ ■ Ψ Ψ C ε ε ☆ ÷ ♠ ♠ ♠ ♠ ÷ ÷ ÷ ÷ ◘ ✦ ↗ ↗ ◑ ◑ ◑ Ω Ω ¬ ¬ ¬ ¬ ¬ ¬ ▶ ▶ ▶ ◐
✚ ✚ ✚ ✚ ✚ ⊞ ⊞ ⊞ ⊞ ⋈ ⋈ Λ Λ Λ Λ ⌐ ⌐ × □ ✧ ✧ ◇ ◇ ▶ ▶ ▶ ▶ ◑ ◑ ◑ ⌐ ⌐ ⌐ ¬ ↖ ☆ ◀ ✱ ✧ ↖ ↖ ↖ ↖ ⋈ ⋈ Δ Δ Δ Δ Δ Λ ε ↖ ↖ ↖ ◆ ↗ C C C C C ◆ ◆ ◇ ◇ ◇ ◇ ◐ B ■ ♣ ∞ ∞ ∞ ⊞
Σ Σ Σ ≡ ÷ ◤ ◤ ◇ ⊞ ⊞ Σ ↖ ↖ ⋈ ⋈ ◑ ◑ Ω C ◎ ◎ ◎ ◎ ◎ ◎ ◎ ◎ ω ω Ω Ω Ω Ω Ω Ω Ω Ω ◈ ◈ ◈ ◈ ◈ ⊟ ⊟ ∞ ∞ ✱ ✱ ✱ ✱ ⇔ ⇔ ⇔ ⇔ ⇔ ○ ☆ ↗ ↗ Ω Ξ ◑ ✧ ◣ ▣ ▣ ▣ ▣ ▣ ◎ □ □ □ □ □ B
B B B Δ Δ Δ ♦ ♦ ♦ ♦ Ξ ✧ ✧ ✧ ◑ ◢ ∩ ∩ ∩ ω ω ω ω ω ω ω ◈ ◈ ◈ ◈ ◈ ☆ ● ● ◎ ◎ ÷ ÷ ≡ Ω Ω Ω ● ● ● ★ ★ ★ ★ ☆ ≡ ≡ ≡ ▣ ÷ ↗ ↗ ↗ ▶ ▼ ✧ ✧ ✧ ✧ ✧ ◎ 3 ◘ ◘ ◘ ∩ ÷ ÷ ÷ ◘ ÷
÷ ⌐ ¬ ¬ ◐ ◐ Ψ Ψ Ψ Ψ ¬ ¬ ≡ % % % ♠ ♠ ▼ Ξ Ξ Ξ Ξ Ξ Ξ ω ω ↖ ↖ ↖ ✚ × ◀ ◀ ◀ × ◀ ✚ ε ε ε ε ε ⊥ ⊥ ⊥ ⊥ ⊟ ⊟ ✦ ◣ ◣ ◣ ✧ ✧ ÷ □ □ ✱ ✱ B ◇ ◇ ◇ ◇ ω ω ω ★ ★ ★ ★ ✧ ✧ ✧ ✧
≈ % % ✧ ✧ ✧ ✧ ∞ ∞ ∞ ∞ ∞ ∞ ∞ ∞ ∞ ∞ ± ◎ ≈ ● ● ▣ ÷ ÷ ÷ ÷ ÷ ÷ ◤ ◤ ÷ % % % ◢ ◢ ◢ ◥ ◥ ◥ ◥ ♠ ♠ % Ξ Ξ Ξ Ξ Ξ ◈ ⊞ ⊞ ⊞ C C ◑ ◇ ◇ ◣ ◣ ▲ ◐ ◆ Σ Σ ↖ ⌐ ⌐ ⌐ ∩ ∩ ∩ ∩ ∩ ○
○ ○ ■ ↗ ω ⊥ ◢ ◀ ÷ ÷ Δ Δ Δ Δ Δ Δ Δ 3 3 ∞ ∩ ∩ ∩ ∩ ∩ ∩ ∩ ◆ ∩ ∩ ∩ ∩ ∩ ◥ 3 3 ⌐ ▶ ▶ ✚ ✚ Z ÷ ◎ ✦ ⇔ ▲ ◘ ◘ Δ ÷ Δ Δ ◐ ◐ ◐ ◐ ◐ ◐ ◐ Δ Δ Δ ⊟ ✧ ▼ ◥ ◥ ▶ ▶ ▶ ▶ ▶ Z ◑ ◑
◑ ◑ ■ ≡ ≡ ≡ Δ Δ ◤ ◤ ◤ ◇ ◇ ◇ ◇ ◇ ◇ ◇ ◇ ≈ ≈ ≈ ☆ ⌐ × ⌐ × × ♠ ♠ ◇ ◇ ◇ ◇ ◇ ◇ ◇ ↗ ● ✦ ✦ ✦ ♣ ♣ ◐ ◐ ◐ ◐ ◐ ◐ ◐ ✦ ✦ ✦ ✦ ✦ ✦ ✦ ✦ ✦ ✦ ± ± ± ± ± ± ↖ ↖ ↖ ★ ▣ ◘ ◘ ◈ ◈
◈ ◆ ≈ ≈ ≈ ≈ ≈ ≈ ≈ ≈ ⌐ % Σ Σ ♠ ♠ ♠ ♠ ■ ◤ ◤ ◤ ◤ ◤ ◤ ◤ ◤ ◤ ◤ ◤ ↖ ⌐ ⌐ ⌐ ⌐ ◑ ◑ ↗ Λ ◥ ☆ ☆ ☆ ☆ ☆ ◤ 3 3 3 3 3 3 3 ÷ ÷ ÷ □ ÷ ÷ ÷ ÷ ▼ ▼ ¬ ¬ ◐ ◐ ◀ ✧ ⇔ ⇔ ⇔ ↗ ↗ ↗ ↗
B ▼ ▼ ● ● ● ± ± ↗ 3 ◎ ▼ Ψ Ψ Ψ ◆ ⌐ ⌐ ⌐ ± ⊥ ⊥ ◢ ◢ × × × ω ω ω Λ Λ Λ ☆ ☆ ☆ ◆ ◆ ◆ ◆ ◆ ◆ ◆ ◆ ◆ ◆ ◆ Δ Δ Δ Δ Δ Δ ⋈ ⋈ ⋈ ⋈ ⊥ ⊥ Ω Ω ■ ◇ ÷ ÷ ÷ ✚ ✚ ✚ ✚ ✚ ✚ ✧ ✧ ✱ ✱
110
120
130
140
150
160
170
180
190
80	90	100	110	120	130	140	150
△
Page 4
